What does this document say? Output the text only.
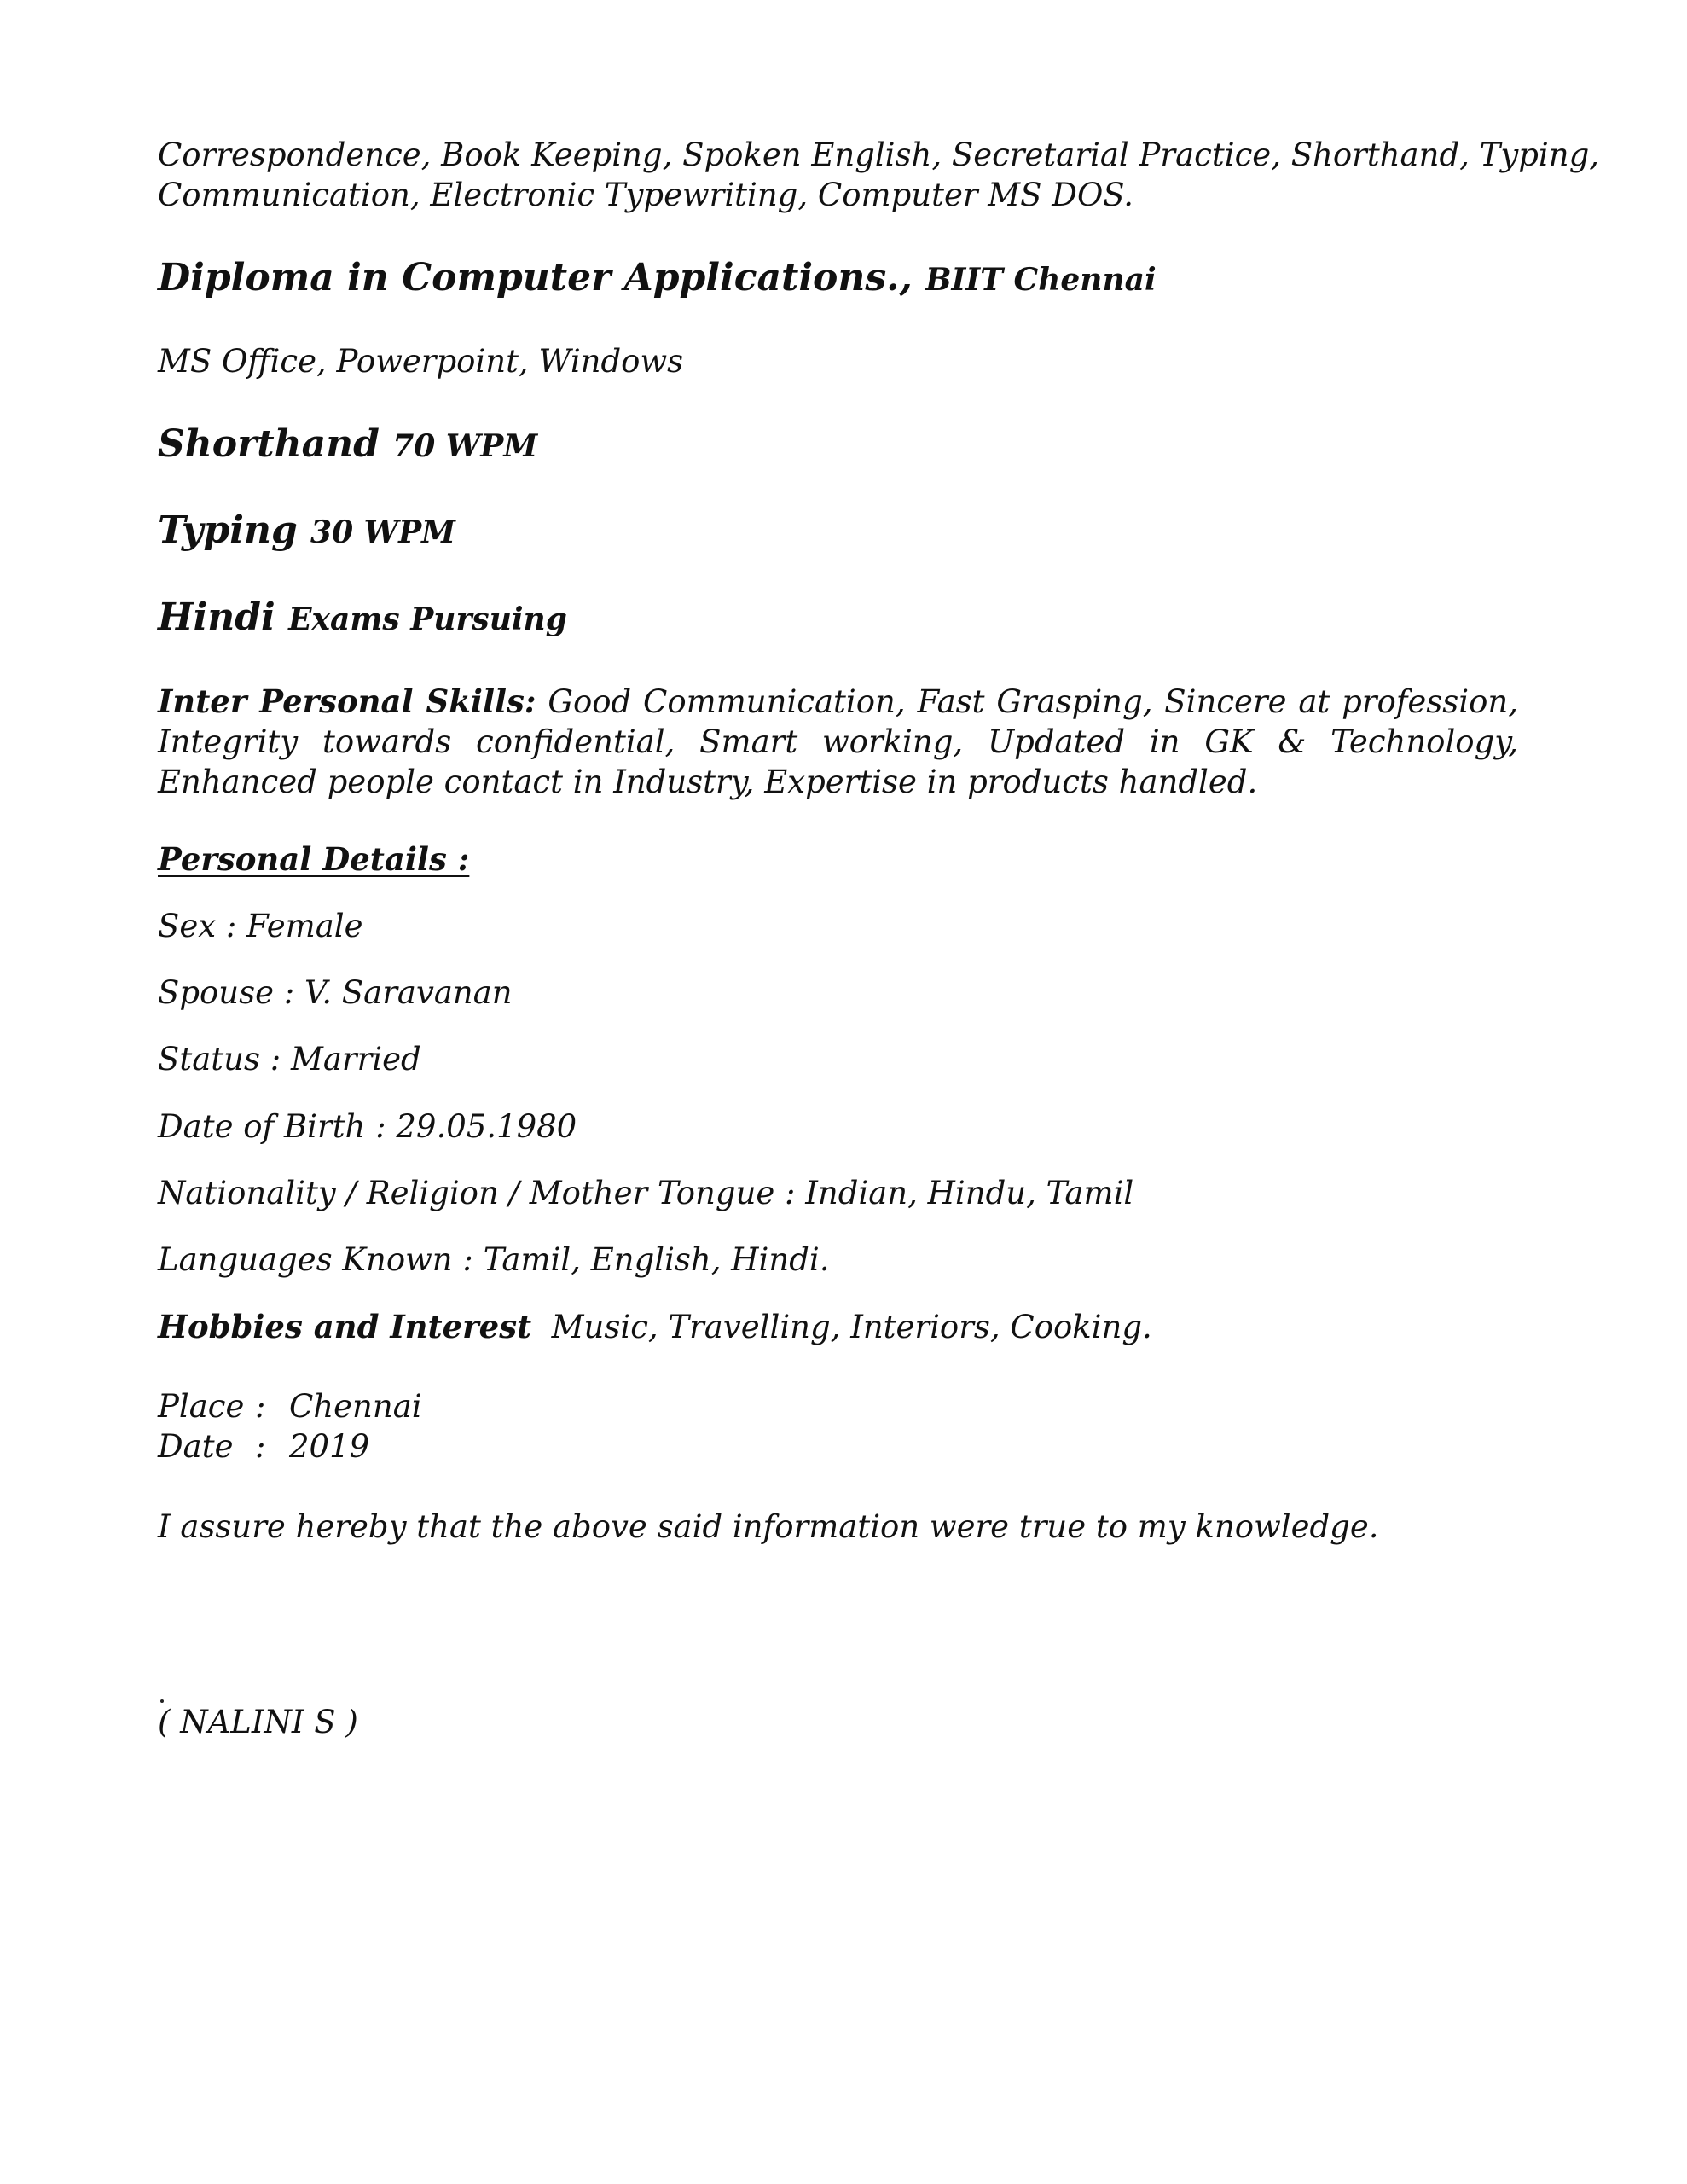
Correspondence, Book Keeping, Spoken English, Secretarial Practice, Shorthand, Typing,
Communication, Electronic Typewriting, Computer MS DOS.
Diploma in Computer Applications., BIIT Chennai
MS Office, Powerpoint, Windows
Shorthand 70 WPM
Typing 30 WPM
Hindi Exams Pursuing
Inter Personal Skills: Good Communication, Fast Grasping, Sincere at profession, Integrity towards confidential, Smart working, Updated in GK & Technology, Enhanced people contact in Industry, Expertise in products handled.
Personal Details :
Sex : Female
Spouse : V. Saravanan
Status : Married
Date of Birth : 29.05.1980
Nationality / Religion / Mother Tongue : Indian, Hindu, Tamil
Languages Known : Tamil, English, Hindi.
Hobbies and Interest Music, Travelling, Interiors, Cooking.
Place	:	Chennai
Date	:	2019
I assure hereby that the above said information were true to my knowledge.
( NALINI S )
